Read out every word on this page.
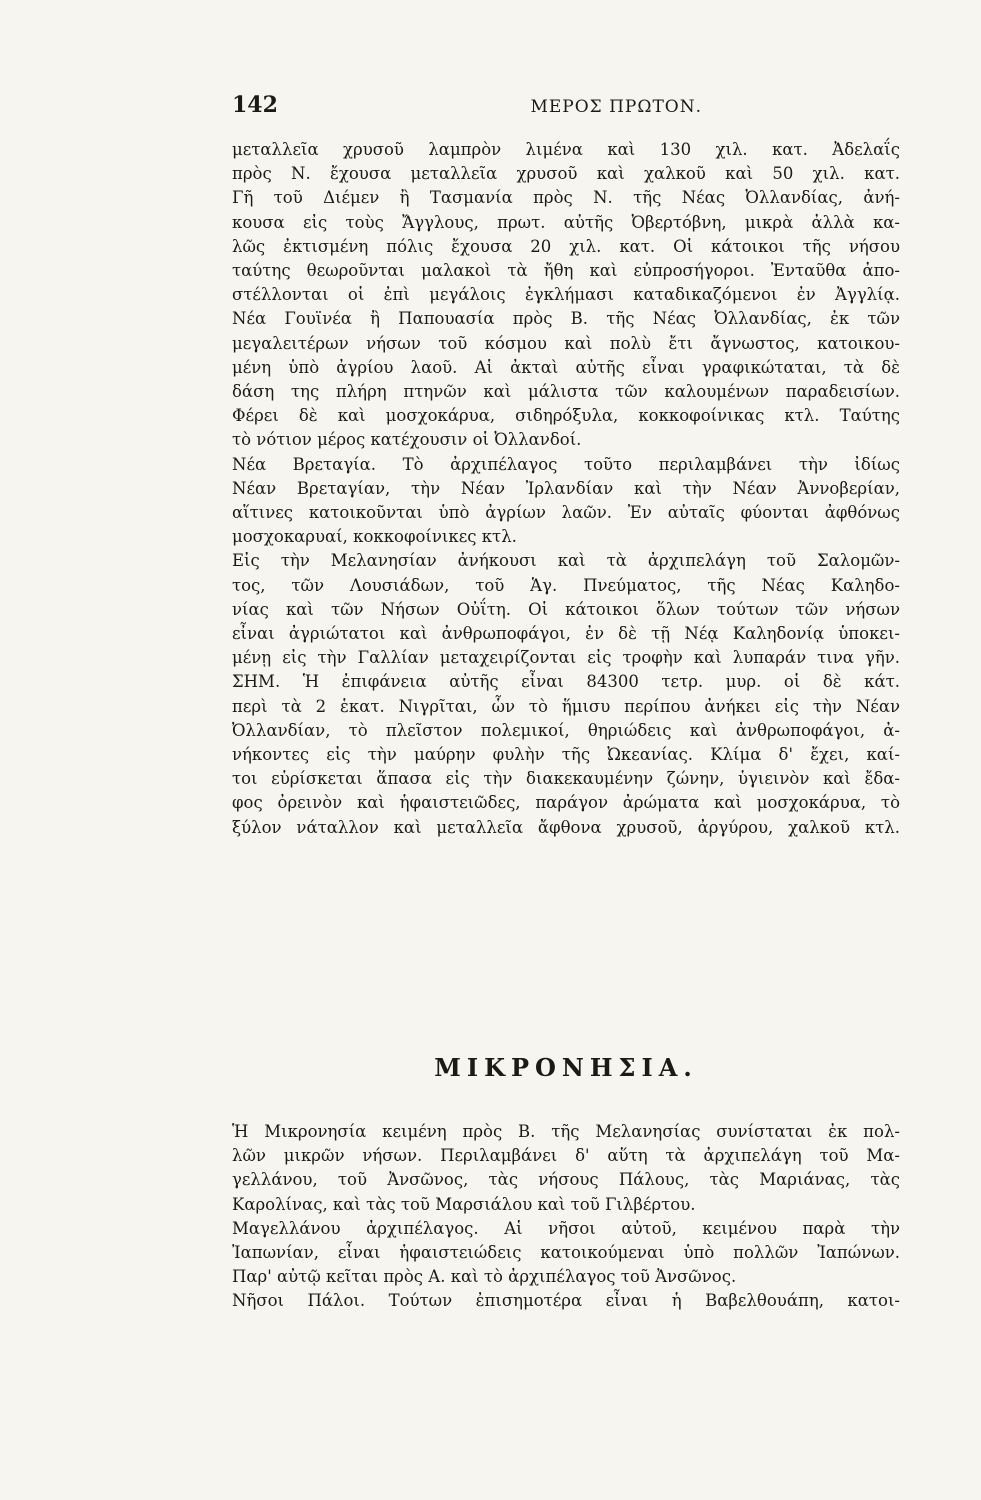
142	ΜΕΡΟΣ ΠΡΩΤΟΝ.
μεταλλεῖα χρυσοῦ λαμπρὸν λιμένα καὶ 130 χιλ. κατ. Ἀδελαΐς
πρὸς Ν. ἔχουσα μεταλλεῖα χρυσοῦ καὶ χαλκοῦ καὶ 50 χιλ. κατ.
Γῆ τοῦ Διέμεν ἢ Τασμανία πρὸς Ν. τῆς Νέας Ὀλλανδίας, ἀνή-
κουσα εἰς τοὺς Ἄγγλους, πρωτ. αὐτῆς Ὀβερτόβνη, μικρὰ ἀλλὰ κα-
λῶς ἐκτισμένη πόλις ἔχουσα 20 χιλ. κατ. Οἱ κάτοικοι τῆς νήσου
ταύτης θεωροῦνται μαλακοὶ τὰ ἤθη καὶ εὐπροσήγοροι. Ἐνταῦθα ἀπο-
στέλλονται οἱ ἐπὶ μεγάλοις ἐγκλήμασι καταδικαζόμενοι ἐν Ἀγγλίᾳ.
Νέα Γουϊνέα ἢ Παπουασία πρὸς Β. τῆς Νέας Ὀλλανδίας, ἐκ τῶν
μεγαλειτέρων νήσων τοῦ κόσμου καὶ πολὺ ἔτι ἄγνωστος, κατοικου-
μένη ὑπὸ ἀγρίου λαοῦ. Αἱ ἀκταὶ αὐτῆς εἶναι γραφικώταται, τὰ δὲ
δάση της πλήρη πτηνῶν καὶ μάλιστα τῶν καλουμένων παραδεισίων.
Φέρει δὲ καὶ μοσχοκάρυα, σιδηρόξυλα, κοκκοφοίνικας κτλ. Ταύτης
τὸ νότιον μέρος κατέχουσιν οἱ Ὀλλανδοί.
Νέα Βρεταγία. Τὸ ἀρχιπέλαγος τοῦτο περιλαμβάνει τὴν ἰδίως
Νέαν Βρεταγίαν, τὴν Νέαν Ἰρλανδίαν καὶ τὴν Νέαν Ἀννοβερίαν,
αἵτινες κατοικοῦνται ὑπὸ ἀγρίων λαῶν. Ἐν αὐταῖς φύονται ἀφθόνως
μοσχοκαρυαί, κοκκοφοίνικες κτλ.
Εἰς τὴν Μελανησίαν ἀνήκουσι καὶ τὰ ἀρχιπελάγη τοῦ Σαλομῶν-
τος, τῶν Λουσιάδων, τοῦ Ἁγ. Πνεύματος, τῆς Νέας Καληδο-
νίας καὶ τῶν Νήσων Οὐΐτη. Οἱ κάτοικοι ὅλων τούτων τῶν νήσων
εἶναι ἀγριώτατοι καὶ ἀνθρωποφάγοι, ἐν δὲ τῇ Νέᾳ Καληδονίᾳ ὑποκει-
μένῃ εἰς τὴν Γαλλίαν μεταχειρίζονται εἰς τροφὴν καὶ λυπαράν τινα γῆν.
ΣΗΜ. Ἡ ἐπιφάνεια αὐτῆς εἶναι 84300 τετρ. μυρ. οἱ δὲ κάτ.
περὶ τὰ 2 ἑκατ. Νιγρῖται, ὧν τὸ ἥμισυ περίπου ἀνήκει εἰς τὴν Νέαν
Ὀλλανδίαν, τὸ πλεῖστον πολεμικοί, θηριώδεις καὶ ἀνθρωποφάγοι, ἀ-
νήκοντες εἰς τὴν μαύρην φυλὴν τῆς Ὠκεανίας. Κλίμα δ' ἔχει, καί-
τοι εὑρίσκεται ἅπασα εἰς τὴν διακεκαυμένην ζώνην, ὑγιεινὸν καὶ ἔδα-
φος ὀρεινὸν καὶ ἡφαιστειῶδες, παράγον ἀρώματα καὶ μοσχοκάρυα, τὸ
ξύλον νάταλλον καὶ μεταλλεῖα ἄφθονα χρυσοῦ, ἀργύρου, χαλκοῦ κτλ.
ΜΙΚΡΟΝΗΣΙΑ.
Ἡ Μικρονησία κειμένη πρὸς Β. τῆς Μελανησίας συνίσταται ἐκ πολ-
λῶν μικρῶν νήσων. Περιλαμβάνει δ' αὕτη τὰ ἀρχιπελάγη τοῦ Μα-
γελλάνου, τοῦ Ἀνσῶνος, τὰς νήσους Πάλους, τὰς Μαριάνας, τὰς
Καρολίνας, καὶ τὰς τοῦ Μαρσιάλου καὶ τοῦ Γιλβέρτου.
Μαγελλάνου ἀρχιπέλαγος. Αἱ νῆσοι αὐτοῦ, κειμένου παρὰ τὴν
Ἰαπωνίαν, εἶναι ἡφαιστειώδεις κατοικούμεναι ὑπὸ πολλῶν Ἰαπώνων.
Παρ' αὐτῷ κεῖται πρὸς Α. καὶ τὸ ἀρχιπέλαγος τοῦ Ἀνσῶνος.
Νῆσοι Πάλοι. Τούτων ἐπισημοτέρα εἶναι ἡ Βαβελθουάπη, κατοι-
